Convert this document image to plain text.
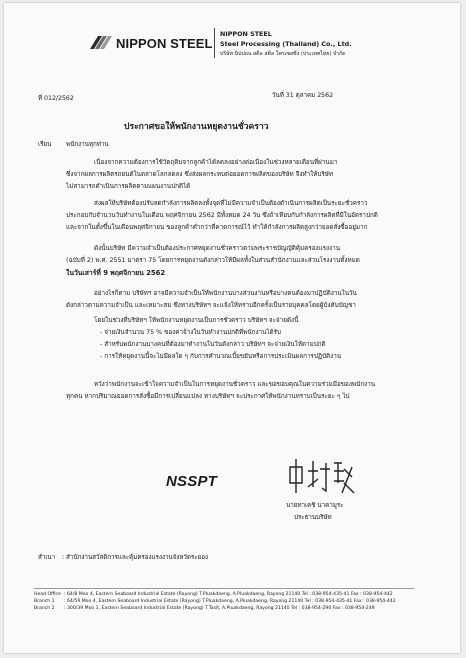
NIPPON STEEL
NIPPON STEEL
Steel Processing (Thailand) Co., Ltd.
บริษัท นิปปอน สตีล สตีล โพรเซสซิ่ง (ประเทศไทย) จำกัด
ที่ 012/2562	วันที่ 31 ตุลาคม 2562
ประกาศขอให้พนักงานหยุดงานชั่วคราว
เรียน พนักงานทุกท่าน
เนื่องจากความต้องการใช้วัตถุดิบจากลูกค้าได้ลดลงอย่างต่อเนื่องในช่วงหลายเดือนที่ผ่านมา
ซึ่งจากผลการผลิตรถยนต์ในตลาดโลกลดลง ซึ่งส่งผลกระทบต่อยอดการผลิตของบริษัท จึงทำให้บริษัท
ไม่สามารถดำเนินการผลิตตามแผนงานปกติได้
ส่งผลให้บริษัทต้องปรับลดกำลังการผลิตลงทั้งจุดที่ไม่มีความจำเป็นต้องดำเนินการผลิตเป็นระยะชั่วคราว
ประกอบกับจำนวนวันทำงานในเดือน พฤศจิกายน 2562 มีทั้งหมด 24 วัน ซึ่งถ้าเทียบกับกำลังการผลิตที่มีในอัตราปกติ
และจากในตั้งขึ้นในเดือนพฤศจิกายน ของลูกค้าต่ำกว่าที่คาดการณ์ไว้ ทำให้กำลังการผลิตสูงกว่ายอดสั่งซื้ออยู่มาก
ดังนั้นบริษัท มีความจำเป็นต้องประกาศหยุดงานชั่วคราวตามพระราชบัญญัติคุ้มครองแรงงาน
(ฉบับที่ 2) พ.ศ. 2551 มาตรา 75 โดยการหยุดงานดังกล่าวให้มีผลทั้งในส่วนสำนักงานและส่วนโรงงานทั้งหมด
ในวันเสาร์ที่ 9 พฤศจิกายน 2562
อย่างไรก็ตาม บริษัทฯ อาจมีความจำเป็นให้พนักงานบางส่วนงานหรือบางคนต้องมาปฏิบัติงานในวัน
ดังกล่าวตามความจำเป็น และเหมาะสม ซึ่งทางบริษัทฯ จะแจ้งให้ทราบอีกครั้งเป็นรายบุคคลโดยผู้บังคับบัญชา
โดยในช่วงที่บริษัทฯ ให้พนักงานหยุดงานเป็นการชั่วคราว บริษัทฯ จะจ่ายดังนี้
- จ่ายเงินจำนวน 75 % ของค่าจ้างในวันทำงานปกติที่พนักงานได้รับ
- สำหรับพนักงานบางคนที่ต้องมาทำงานในวันดังกล่าว บริษัทฯ จะจ่ายเงินให้ตามปกติ
- การให้หยุดงานนี้จะไม่มีผลใด ๆ กับการคำนวณเบี้ยขยันหรือการประเมินผลการปฏิบัติงาน
หวังว่าพนักงานจะเข้าใจความจำเป็นในการหยุดงานชั่วคราว และขอขอบคุณในความร่วมมือของพนักงาน
ทุกคน หากปริมาณยอดการสั่งซื้อมีการเปลี่ยนแปลง ทางบริษัทฯ จะประกาศให้พนักงานทราบเป็นระยะ ๆ ไป
NSSPT
นายทาเคชิ นาคามูระ
ประธานบริษัท
สำเนา : สำนักงานสวัสดิการและคุ้มครองแรงงานจังหวัดระยอง
Head Office : 64/8 Moo 4, Eastern Seaboard Industrial Estate (Rayong) T.Pluakdaeng, A.Pluakdaeng, Rayong 21140 Tel : 038-954-435-41 Fax : 038-954-442
Branch 1 : 64/59 Moo 4, Eastern Seaboard Industrial Estate (Rayong) T.Pluakdaeng, A.Pluakdaeng, Rayong 21140 Tel : 038-954-435-41 Fax : 038-954-442
Branch 2 : 300/39 Moo 1, Eastern Seaboard Industrial Estate (Rayong) T.Tasit, A.Pluakdaeng, Rayong 21140 Tel : 038-954-290 Fax : 038-954-249
